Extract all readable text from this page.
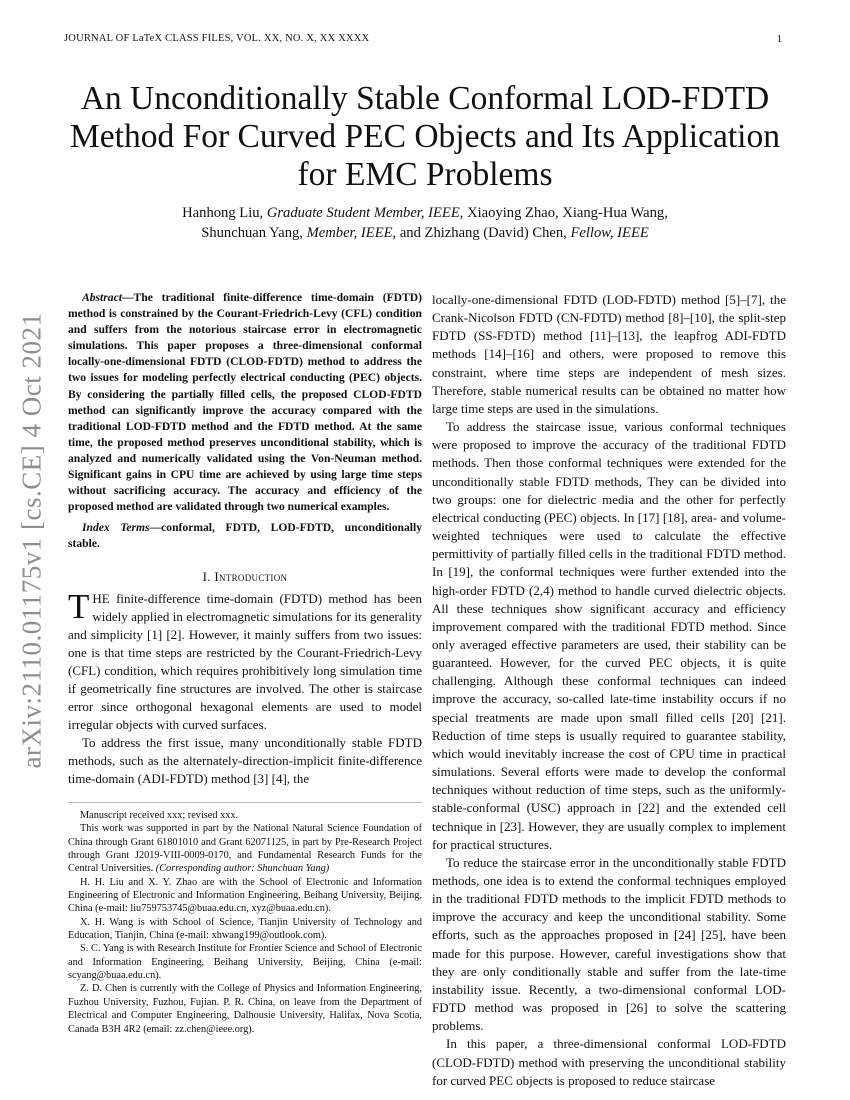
JOURNAL OF LaTeX CLASS FILES, VOL. XX, NO. X, XX XXXX	1
arXiv:2110.01175v1 [cs.CE] 4 Oct 2021
An Unconditionally Stable Conformal LOD-FDTD Method For Curved PEC Objects and Its Application for EMC Problems
Hanhong Liu, Graduate Student Member, IEEE, Xiaoying Zhao, Xiang-Hua Wang,
Shunchuan Yang, Member, IEEE, and Zhizhang (David) Chen, Fellow, IEEE

Abstract—The traditional finite-difference time-domain (FDTD) method is constrained by the Courant-Friedrich-Levy (CFL) condition and suffers from the notorious staircase error in electromagnetic simulations. This paper proposes a three-dimensional conformal locally-one-dimensional FDTD (CLOD-FDTD) method to address the two issues for modeling perfectly electrical conducting (PEC) objects. By considering the partially filled cells, the proposed CLOD-FDTD method can significantly improve the accuracy compared with the traditional LOD-FDTD method and the FDTD method. At the same time, the proposed method preserves unconditional stability, which is analyzed and numerically validated using the Von-Neuman method. Significant gains in CPU time are achieved by using large time steps without sacrificing accuracy. The accuracy and efficiency of the proposed method are validated through two numerical examples.

Index Terms—conformal, FDTD, LOD-FDTD, unconditionally stable.

I. Introduction

THE finite-difference time-domain (FDTD) method has been widely applied in electromagnetic simulations for its generality and simplicity [1] [2]. However, it mainly suffers from two issues: one is that time steps are restricted by the Courant-Friedrich-Levy (CFL) condition, which requires prohibitively long simulation time if geometrically fine structures are involved. The other is staircase error since orthogonal hexagonal elements are used to model irregular objects with curved surfaces.

To address the first issue, many unconditionally stable FDTD methods, such as the alternately-direction-implicit finite-difference time-domain (ADI-FDTD) method [3] [4], the

Manuscript received xxx; revised xxx.

This work was supported in part by the National Natural Science Foundation of China through Grant 61801010 and Grant 62071125, in part by Pre-Research Project through Grant J2019-VIII-0009-0170, and Fundamental Research Funds for the Central Universities. (Corresponding author: Shunchuan Yang)

H. H. Liu and X. Y. Zhao are with the School of Electronic and Information Engineering of Electronic and Information Engineering, Beihang University, Beijing, China (e-mail: liu759753745@buaa.edu.cn, xyz@buaa.edu.cn).

X. H. Wang is with School of Science, Tianjin University of Technology and Education, Tianjin, China (e-mail: xhwang199@outlook.com).

S. C. Yang is with Research Institute for Frontier Science and School of Electronic and Information Engineering, Beihang University, Beijing, China (e-mail: scyang@buaa.edu.cn).

Z. D. Chen is currently with the College of Physics and Information Engineering, Fuzhou University, Fuzhou, Fujian. P. R. China, on leave from the Department of Electrical and Computer Engineering, Dalhousie University, Halifax, Nova Scotia, Canada B3H 4R2 (email: zz.chen@ieee.org).

locally-one-dimensional FDTD (LOD-FDTD) method [5]–[7], the Crank-Nicolson FDTD (CN-FDTD) method [8]–[10], the split-step FDTD (SS-FDTD) method [11]–[13], the leapfrog ADI-FDTD methods [14]–[16] and others, were proposed to remove this constraint, where time steps are independent of mesh sizes. Therefore, stable numerical results can be obtained no matter how large time steps are used in the simulations.

To address the staircase issue, various conformal techniques were proposed to improve the accuracy of the traditional FDTD methods. Then those conformal techniques were extended for the unconditionally stable FDTD methods, They can be divided into two groups: one for dielectric media and the other for perfectly electrical conducting (PEC) objects. In [17] [18], area- and volume-weighted techniques were used to calculate the effective permittivity of partially filled cells in the traditional FDTD method. In [19], the conformal techniques were further extended into the high-order FDTD (2,4) method to handle curved dielectric objects. All these techniques show significant accuracy and efficiency improvement compared with the traditional FDTD method. Since only averaged effective parameters are used, their stability can be guaranteed. However, for the curved PEC objects, it is quite challenging. Although these conformal techniques can indeed improve the accuracy, so-called late-time instability occurs if no special treatments are made upon small filled cells [20] [21]. Reduction of time steps is usually required to guarantee stability, which would inevitably increase the cost of CPU time in practical simulations. Several efforts were made to develop the conformal techniques without reduction of time steps, such as the uniformly-stable-conformal (USC) approach in [22] and the extended cell technique in [23]. However, they are usually complex to implement for practical structures.

To reduce the staircase error in the unconditionally stable FDTD methods, one idea is to extend the conformal techniques employed in the traditional FDTD methods to the implicit FDTD methods to improve the accuracy and keep the unconditional stability. Some efforts, such as the approaches proposed in [24] [25], have been made for this purpose. However, careful investigations show that they are only conditionally stable and suffer from the late-time instability issue. Recently, a two-dimensional conformal LOD-FDTD method was proposed in [26] to solve the scattering problems.

In this paper, a three-dimensional conformal LOD-FDTD (CLOD-FDTD) method with preserving the unconditional stability for curved PEC objects is proposed to reduce staircase
